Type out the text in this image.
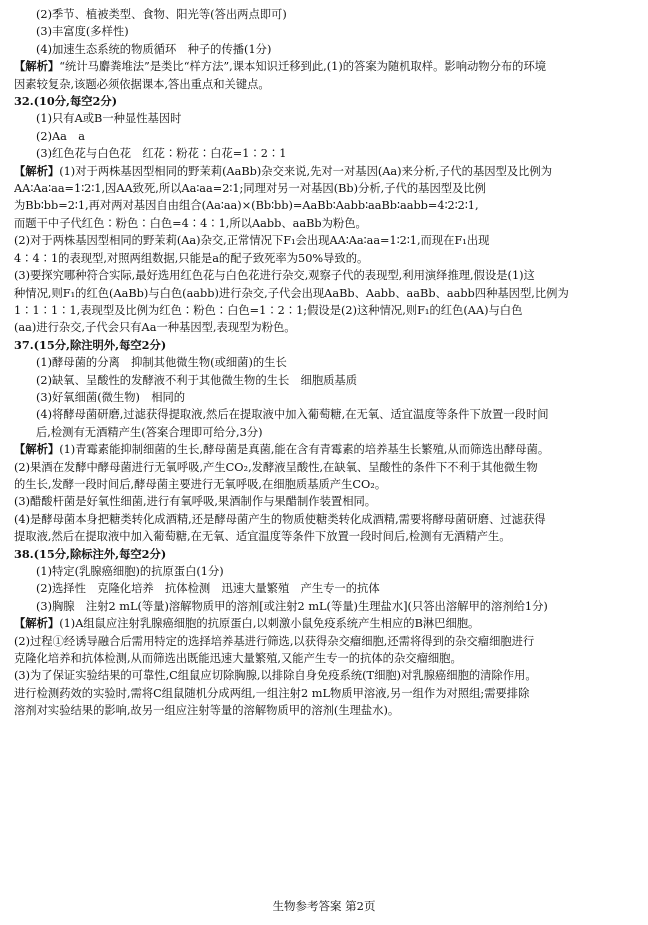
(2)季节、植被类型、食物、阳光等(答出两点即可)
(3)丰富度(多样性)
(4)加速生态系统的物质循环　种子的传播(1分)
【解析】“统计马麝粪堆法”是类比“样方法”,课本知识迁移到此,(1)的答案为随机取样。影响动物分布的环境
因素较复杂,该题必须依据课本,答出重点和关键点。
32.(10分,每空2分)
(1)只有A或B一种显性基因时
(2)Aa　a
(3)红色花与白色花　红花∶粉花∶白花=1∶2∶1
【解析】(1)对于两株基因型相同的野茉莉(AaBb)杂交来说,先对一对基因(Aa)来分析,子代的基因型及比例为
AA∶Aa∶aa=1∶2∶1,因AA致死,所以Aa∶aa=2∶1;同理对另一对基因(Bb)分析,子代的基因型及比例
为Bb∶bb=2∶1,再对两对基因自由组合(Aa∶aa)×(Bb∶bb)=AaBb∶Aabb∶aaBb∶aabb=4∶2∶2∶1,
而题干中子代红色∶粉色∶白色=4∶4∶1,所以Aabb、aaBb为粉色。
(2)对于两株基因型相同的野茉莉(Aa)杂交,正常情况下F₁会出现AA∶Aa∶aa=1∶2∶1,而现在F₁出现
4∶4∶1的表现型,对照两组数据,只能是a的配子致死率为50%导致的。
(3)要探究哪种符合实际,最好选用红色花与白色花进行杂交,观察子代的表现型,利用演绎推理,假设是(1)这
种情况,则F₁的红色(AaBb)与白色(aabb)进行杂交,子代会出现AaBb、Aabb、aaBb、aabb四种基因型,比例为
1∶1∶1∶1,表现型及比例为红色∶粉色∶白色=1∶2∶1;假设是(2)这种情况,则F₁的红色(AA)与白色
(aa)进行杂交,子代会只有Aa一种基因型,表现型为粉色。
37.(15分,除注明外,每空2分)
(1)酵母菌的分离　抑制其他微生物(或细菌)的生长
(2)缺氧、呈酸性的发酵液不利于其他微生物的生长　细胞质基质
(3)好氧细菌(微生物)　相同的
(4)将酵母菌研磨,过滤获得提取液,然后在提取液中加入葡萄糖,在无氧、适宜温度等条件下放置一段时间
后,检测有无酒精产生(答案合理即可给分,3分)
【解析】(1)青霉素能抑制细菌的生长,酵母菌是真菌,能在含有青霉素的培养基生长繁殖,从而筛选出酵母菌。
(2)果酒在发酵中酵母菌进行无氧呼吸,产生CO₂,发酵液呈酸性,在缺氧、呈酸性的条件下不利于其他微生物
的生长,发酵一段时间后,酵母菌主要进行无氧呼吸,在细胞质基质产生CO₂。
(3)醋酸杆菌是好氧性细菌,进行有氧呼吸,果酒制作与果醋制作装置相同。
(4)是酵母菌本身把糖类转化成酒精,还是酵母菌产生的物质使糖类转化成酒精,需要将酵母菌研磨、过滤获得
提取液,然后在提取液中加入葡萄糖,在无氧、适宜温度等条件下放置一段时间后,检测有无酒精产生。
38.(15分,除标注外,每空2分)
(1)特定(乳腺癌细胞)的抗原蛋白(1分)
(2)选择性　克隆化培养　抗体检测　迅速大量繁殖　产生专一的抗体
(3)胸腺　注射2 mL(等量)溶解物质甲的溶剂[或注射2 mL(等量)生理盐水](只答出溶解甲的溶剂给1分)
【解析】(1)A组鼠应注射乳腺癌细胞的抗原蛋白,以刺激小鼠免疫系统产生相应的B淋巴细胞。
(2)过程①经诱导融合后需用特定的选择培养基进行筛选,以获得杂交瘤细胞,还需将得到的杂交瘤细胞进行
克隆化培养和抗体检测,从而筛选出既能迅速大量繁殖,又能产生专一的抗体的杂交瘤细胞。
(3)为了保证实验结果的可靠性,C组鼠应切除胸腺,以排除自身免疫系统(T细胞)对乳腺癌细胞的清除作用。
进行检测药效的实验时,需将C组鼠随机分成两组,一组注射2 mL物质甲溶液,另一组作为对照组;需要排除
溶剂对实验结果的影响,故另一组应注射等量的溶解物质甲的溶剂(生理盐水)。
生物参考答案 第2页
